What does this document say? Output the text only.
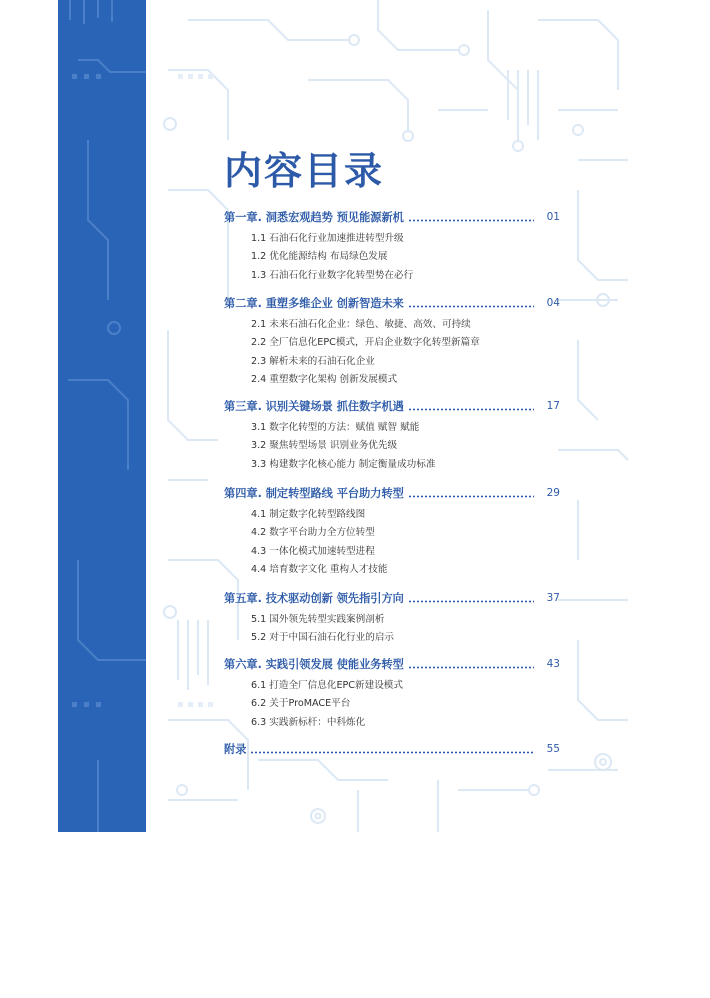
内容目录
第一章. 洞悉宏观趋势 预见能源新机	01
1.1 石油石化行业加速推进转型升级
1.2 优化能源结构 布局绿色发展
1.3 石油石化行业数字化转型势在必行
第二章. 重塑多维企业 创新智造未来	04
2.1 未来石油石化企业：绿色、敏捷、高效、可持续
2.2 全厂信息化EPC模式，开启企业数字化转型新篇章
2.3 解析未来的石油石化企业
2.4 重塑数字化架构 创新发展模式
第三章. 识别关键场景 抓住数字机遇	17
3.1 数字化转型的方法：赋值 赋智 赋能
3.2 聚焦转型场景 识别业务优先级
3.3 构建数字化核心能力 制定衡量成功标准
第四章. 制定转型路线 平台助力转型	29
4.1 制定数字化转型路线图
4.2 数字平台助力全方位转型
4.3 一体化模式加速转型进程
4.4 培育数字文化 重构人才技能
第五章. 技术驱动创新 领先指引方向	37
5.1 国外领先转型实践案例剖析
5.2 对于中国石油石化行业的启示
第六章. 实践引领发展 使能业务转型	43
6.1 打造全厂信息化EPC新建设模式
6.2 关于ProMACE平台
6.3 实践新标杆：中科炼化
附录	55
